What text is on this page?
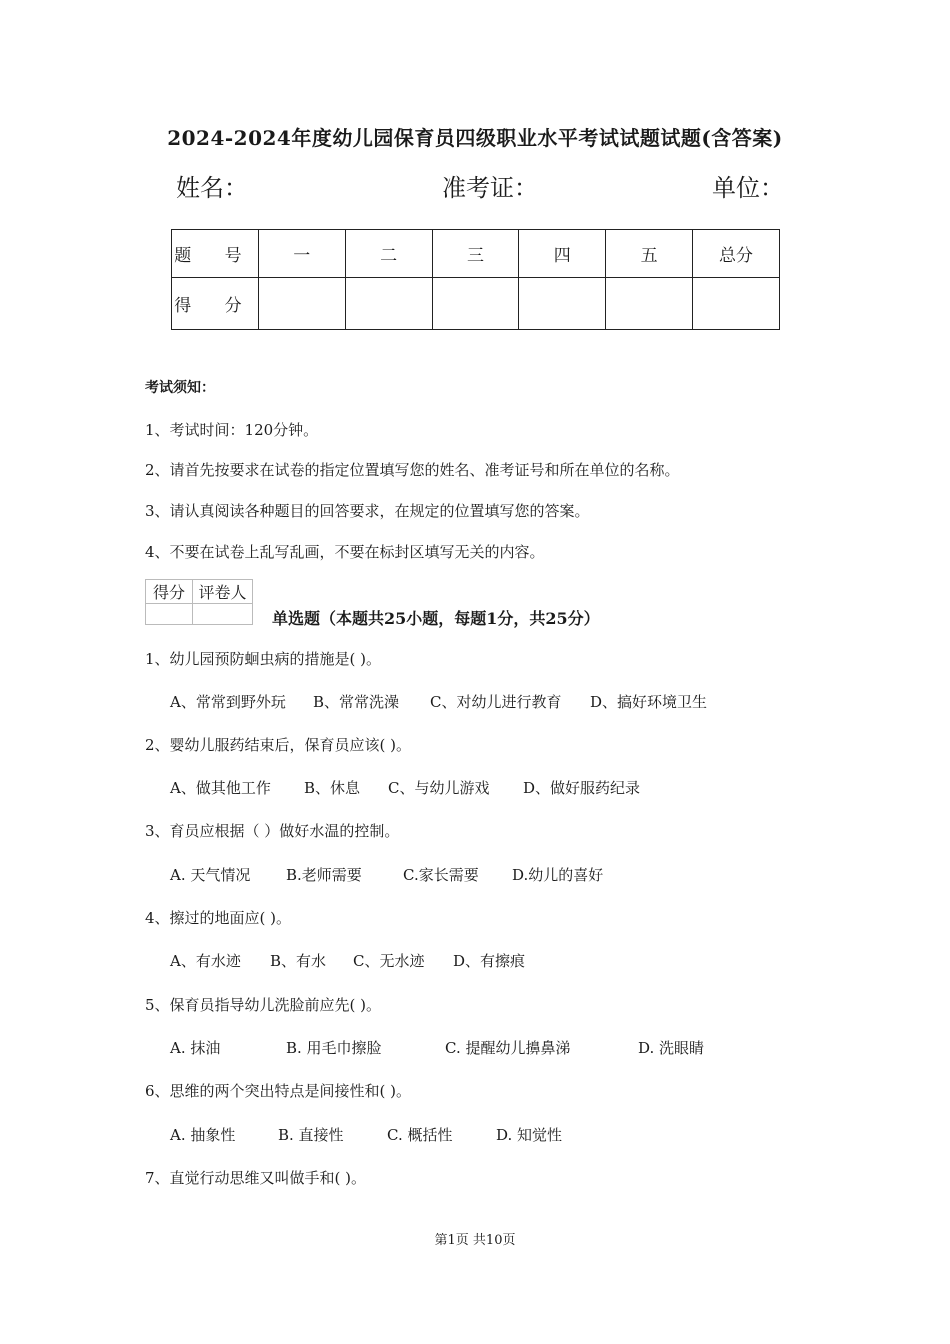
2024-2024年度幼儿园保育员四级职业水平考试试题试题(含答案)
姓名：	准考证：	单位：
题 号	一	二	三	四	五	总分
得 分						
考试须知：
1、考试时间：120分钟。
2、请首先按要求在试卷的指定位置填写您的姓名、准考证号和所在单位的名称。
3、请认真阅读各种题目的回答要求，在规定的位置填写您的答案。
4、不要在试卷上乱写乱画，不要在标封区填写无关的内容。
得分	评卷人

单选题（本题共25小题，每题1分，共25分）
1、幼儿园预防蛔虫病的措施是( )。
A、常常到野外玩 B、常常洗澡 C、对幼儿进行教育 D、搞好环境卫生
2、婴幼儿服药结束后，保育员应该( )。
A、做其他工作 B、休息 C、与幼儿游戏 D、做好服药纪录
3、育员应根据（ ）做好水温的控制。
A. 天气情况 B.老师需要	C.家长需要 D.幼儿的喜好
4、擦过的地面应( )。
A、有水迹 B、有水 C、无水迹 D、有擦痕
5、保育员指导幼儿洗脸前应先( )。
A. 抹油	B. 用毛巾擦脸	C. 提醒幼儿擤鼻涕	D. 洗眼睛
6、思维的两个突出特点是间接性和( )。
A. 抽象性	B. 直接性	C. 概括性	D. 知觉性
7、直觉行动思维又叫做手和( )。
第1页 共10页
